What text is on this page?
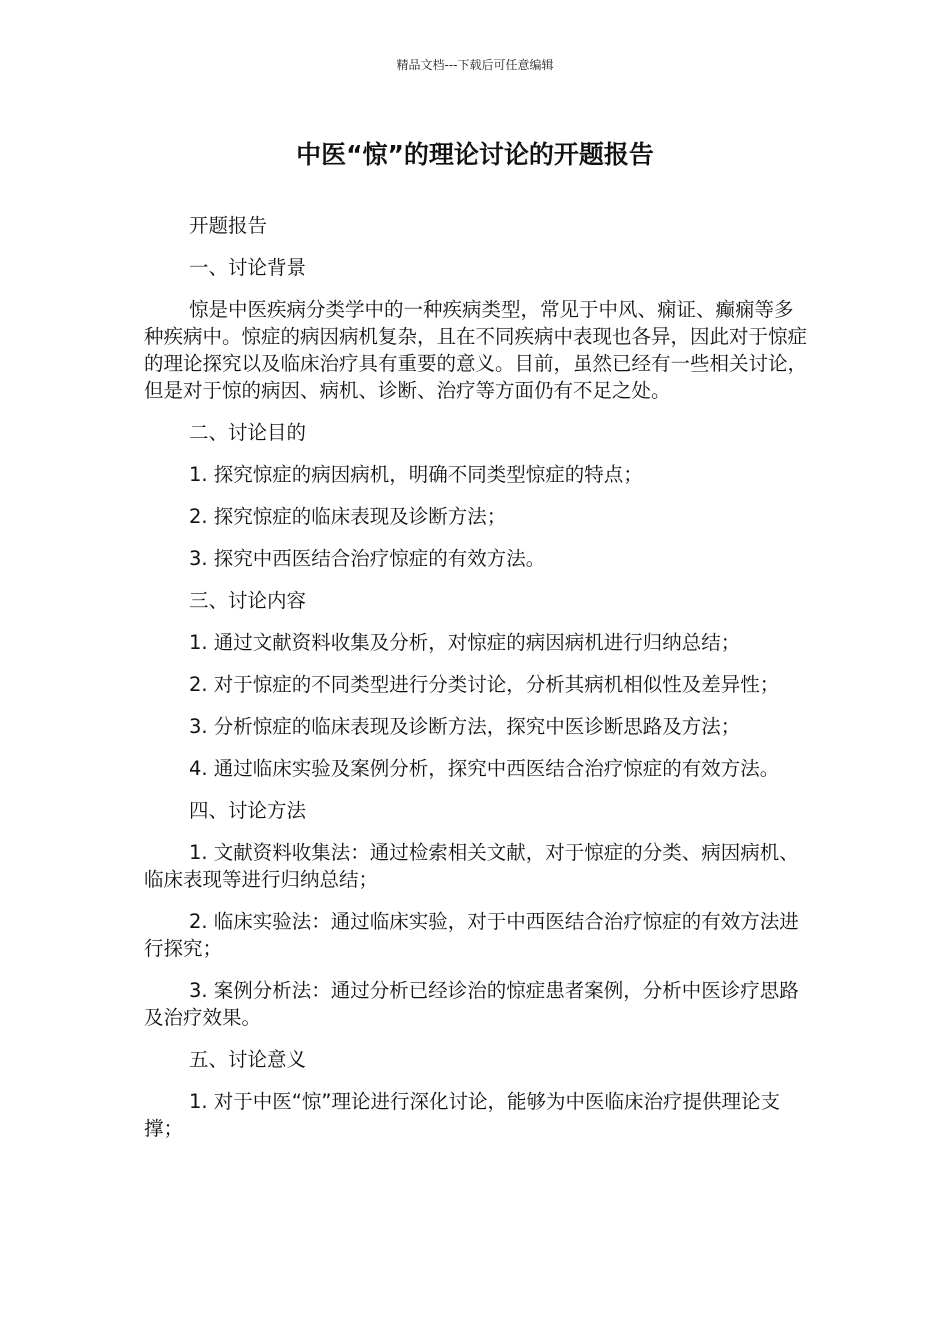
精品文档---下载后可任意编辑
中医“惊”的理论讨论的开题报告

开题报告

一、讨论背景

惊是中医疾病分类学中的一种疾病类型，常见于中风、痫证、癫痫等多种疾病中。惊症的病因病机复杂，且在不同疾病中表现也各异，因此对于惊症的理论探究以及临床治疗具有重要的意义。目前，虽然已经有一些相关讨论，但是对于惊的病因、病机、诊断、治疗等方面仍有不足之处。

二、讨论目的

1. 探究惊症的病因病机，明确不同类型惊症的特点；

2. 探究惊症的临床表现及诊断方法；

3. 探究中西医结合治疗惊症的有效方法。

三、讨论内容

1. 通过文献资料收集及分析，对惊症的病因病机进行归纳总结；

2. 对于惊症的不同类型进行分类讨论，分析其病机相似性及差异性；

3. 分析惊症的临床表现及诊断方法，探究中医诊断思路及方法；

4. 通过临床实验及案例分析，探究中西医结合治疗惊症的有效方法。

四、讨论方法

1. 文献资料收集法：通过检索相关文献，对于惊症的分类、病因病机、临床表现等进行归纳总结；

2. 临床实验法：通过临床实验，对于中西医结合治疗惊症的有效方法进行探究；

3. 案例分析法：通过分析已经诊治的惊症患者案例，分析中医诊疗思路及治疗效果。

五、讨论意义

1. 对于中医“惊”理论进行深化讨论，能够为中医临床治疗提供理论支撑；
